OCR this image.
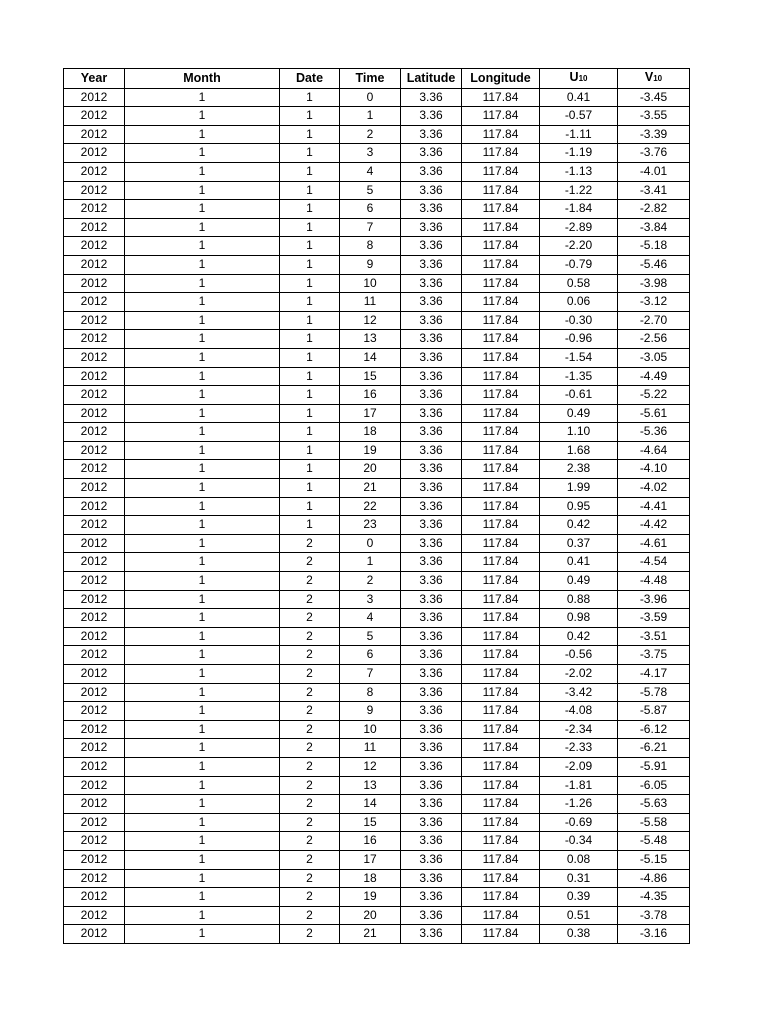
Year	Month	Date	Time	Latitude	Longitude	U10	V10
2012	1	1	0	3.36	117.84	0.41	-3.45
2012	1	1	1	3.36	117.84	-0.57	-3.55
2012	1	1	2	3.36	117.84	-1.11	-3.39
2012	1	1	3	3.36	117.84	-1.19	-3.76
2012	1	1	4	3.36	117.84	-1.13	-4.01
2012	1	1	5	3.36	117.84	-1.22	-3.41
2012	1	1	6	3.36	117.84	-1.84	-2.82
2012	1	1	7	3.36	117.84	-2.89	-3.84
2012	1	1	8	3.36	117.84	-2.20	-5.18
2012	1	1	9	3.36	117.84	-0.79	-5.46
2012	1	1	10	3.36	117.84	0.58	-3.98
2012	1	1	11	3.36	117.84	0.06	-3.12
2012	1	1	12	3.36	117.84	-0.30	-2.70
2012	1	1	13	3.36	117.84	-0.96	-2.56
2012	1	1	14	3.36	117.84	-1.54	-3.05
2012	1	1	15	3.36	117.84	-1.35	-4.49
2012	1	1	16	3.36	117.84	-0.61	-5.22
2012	1	1	17	3.36	117.84	0.49	-5.61
2012	1	1	18	3.36	117.84	1.10	-5.36
2012	1	1	19	3.36	117.84	1.68	-4.64
2012	1	1	20	3.36	117.84	2.38	-4.10
2012	1	1	21	3.36	117.84	1.99	-4.02
2012	1	1	22	3.36	117.84	0.95	-4.41
2012	1	1	23	3.36	117.84	0.42	-4.42
2012	1	2	0	3.36	117.84	0.37	-4.61
2012	1	2	1	3.36	117.84	0.41	-4.54
2012	1	2	2	3.36	117.84	0.49	-4.48
2012	1	2	3	3.36	117.84	0.88	-3.96
2012	1	2	4	3.36	117.84	0.98	-3.59
2012	1	2	5	3.36	117.84	0.42	-3.51
2012	1	2	6	3.36	117.84	-0.56	-3.75
2012	1	2	7	3.36	117.84	-2.02	-4.17
2012	1	2	8	3.36	117.84	-3.42	-5.78
2012	1	2	9	3.36	117.84	-4.08	-5.87
2012	1	2	10	3.36	117.84	-2.34	-6.12
2012	1	2	11	3.36	117.84	-2.33	-6.21
2012	1	2	12	3.36	117.84	-2.09	-5.91
2012	1	2	13	3.36	117.84	-1.81	-6.05
2012	1	2	14	3.36	117.84	-1.26	-5.63
2012	1	2	15	3.36	117.84	-0.69	-5.58
2012	1	2	16	3.36	117.84	-0.34	-5.48
2012	1	2	17	3.36	117.84	0.08	-5.15
2012	1	2	18	3.36	117.84	0.31	-4.86
2012	1	2	19	3.36	117.84	0.39	-4.35
2012	1	2	20	3.36	117.84	0.51	-3.78
2012	1	2	21	3.36	117.84	0.38	-3.16
